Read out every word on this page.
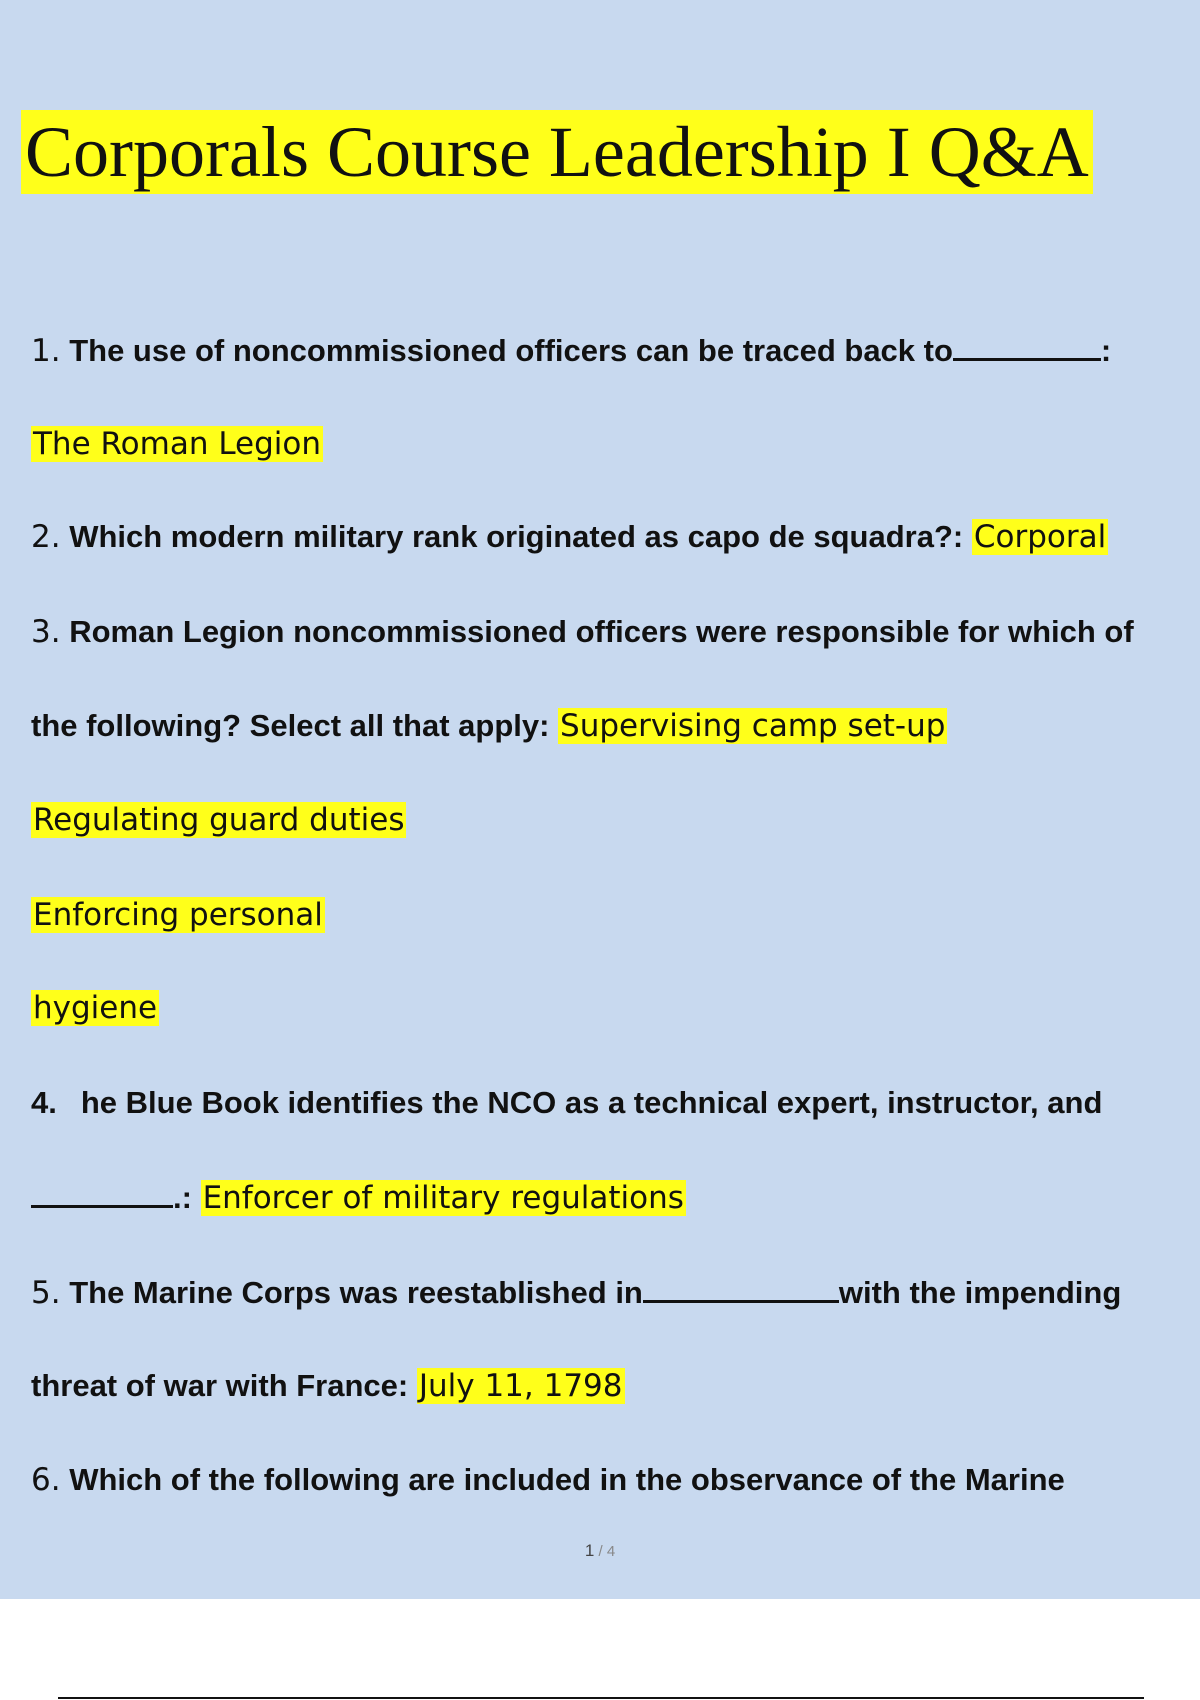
Corporals Course Leadership I Q&A
1. The use of noncommissioned officers can be traced back to	:
The Roman Legion
2. Which modern military rank originated as capo de squadra?: Corporal
3. Roman Legion noncommissioned officers were responsible for which of
the following? Select all that apply: Supervising camp set-up
Regulating guard duties
Enforcing personal
hygiene
4. he Blue Book identifies the NCO as a technical expert, instructor, and
.: Enforcer of military regulations
5. The Marine Corps was reestablished in	with the impending
threat of war with France: July 11, 1798
6. Which of the following are included in the observance of the Marine
1 / 4
